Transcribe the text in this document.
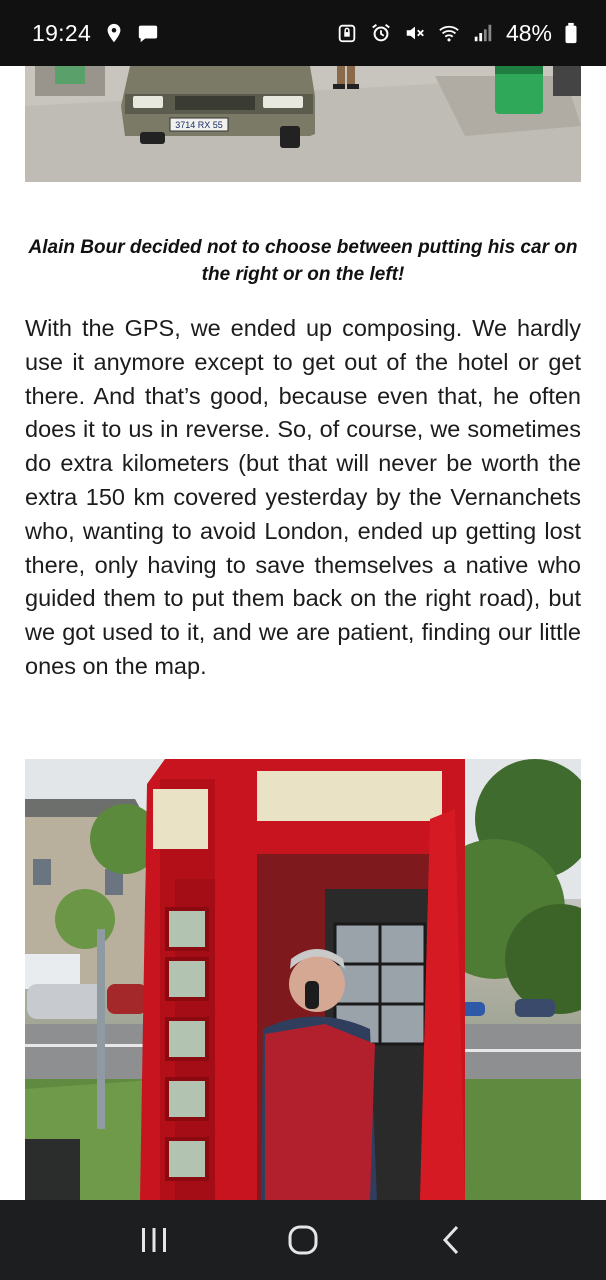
19:24	48%
3714 RX 55
Alain Bour decided not to choose between putting his car on the right or on the left!

With the GPS, we ended up composing. We hardly use it anymore except to get out of the hotel or get there. And that’s good, because even that, he often does it to us in reverse. So, of course, we sometimes do extra kilometers (but that will never be worth the extra 150 km covered yesterday by the Vernanchets who, wanting to avoid London, ended up getting lost there, only having to save themselves a native who guided them to put them back on the right road), but we got used to it, and we are patient, finding our little ones on the map.
